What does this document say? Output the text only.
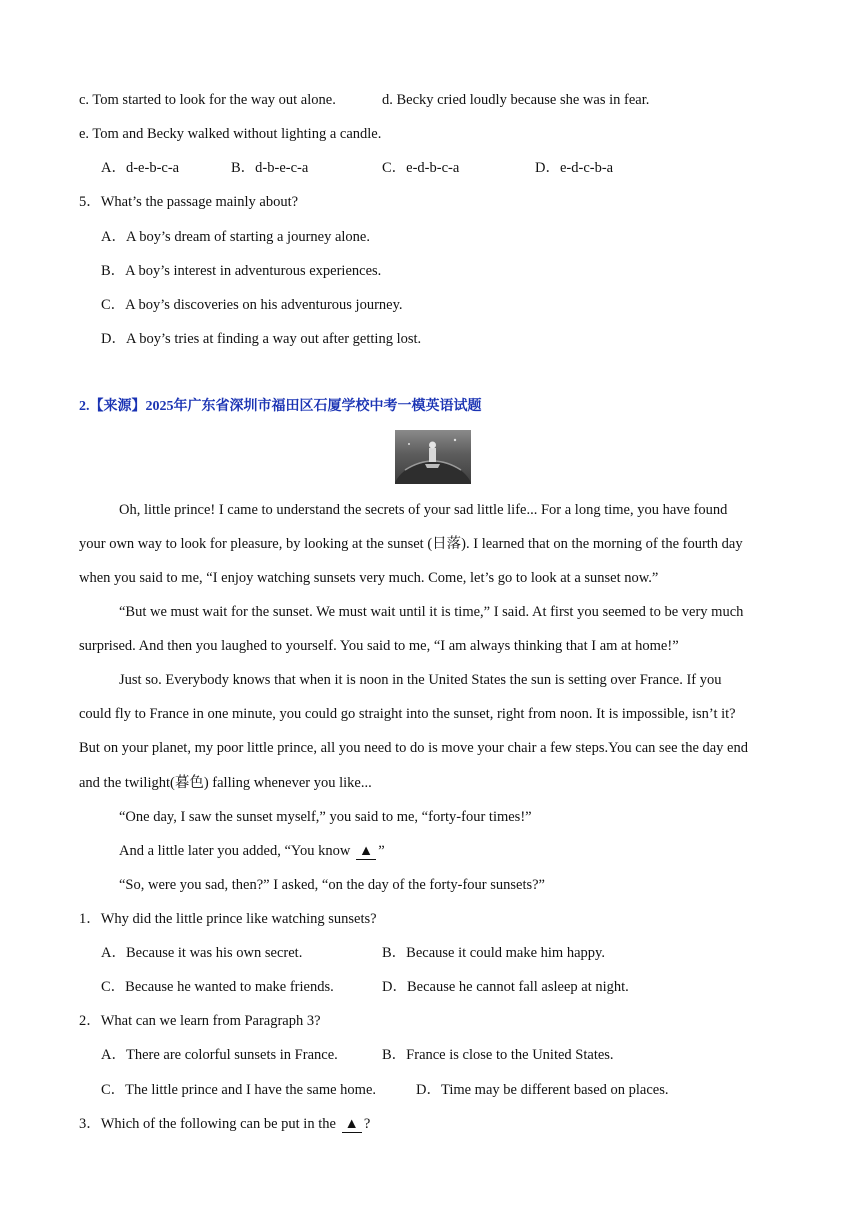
c. Tom started to look for the way out alone.	d. Becky cried loudly because she was in fear.
e. Tom and Becky walked without lighting a candle.
A．d-e-b-c-a	B．d-b-e-c-a	C．e-d-b-c-a	D．e-d-c-b-a
5．What’s the passage mainly about?
A．A boy’s dream of starting a journey alone.
B．A boy’s interest in adventurous experiences.
C．A boy’s discoveries on his adventurous journey.
D．A boy’s tries at finding a way out after getting lost.
2.【来源】2025年广东省深圳市福田区石厦学校中考一模英语试题
Oh, little prince! I came to understand the secrets of your sad little life... For a long time, you have found
your own way to look for pleasure, by looking at the sunset (日落). I learned that on the morning of the fourth day
when you said to me, “I enjoy watching sunsets very much. Come, let’s go to look at a sunset now.”
“But we must wait for the sunset. We must wait until it is time,” I said. At first you seemed to be very much
surprised. And then you laughed to yourself. You said to me, “I am always thinking that I am at home!”
Just so. Everybody knows that when it is noon in the United States the sun is setting over France. If you
could fly to France in one minute, you could go straight into the sunset, right from noon. It is impossible, isn’t it?
But on your planet, my poor little prince, all you need to do is move your chair a few steps.You can see the day end
and the twilight(暮色) falling whenever you like...
“One day, I saw the sunset myself,” you said to me, “forty-four times!”
And a little later you added, “You know ▲ ”
“So, were you sad, then?” I asked, “on the day of the forty-four sunsets?”
1．Why did the little prince like watching sunsets?
A．Because it was his own secret.	B．Because it could make him happy.
C．Because he wanted to make friends.	D．Because he cannot fall asleep at night.
2．What can we learn from Paragraph 3?
A．There are colorful sunsets in France.	B．France is close to the United States.
C．The little prince and I have the same home.	D．Time may be different based on places.
3．Which of the following can be put in the ▲ ?
